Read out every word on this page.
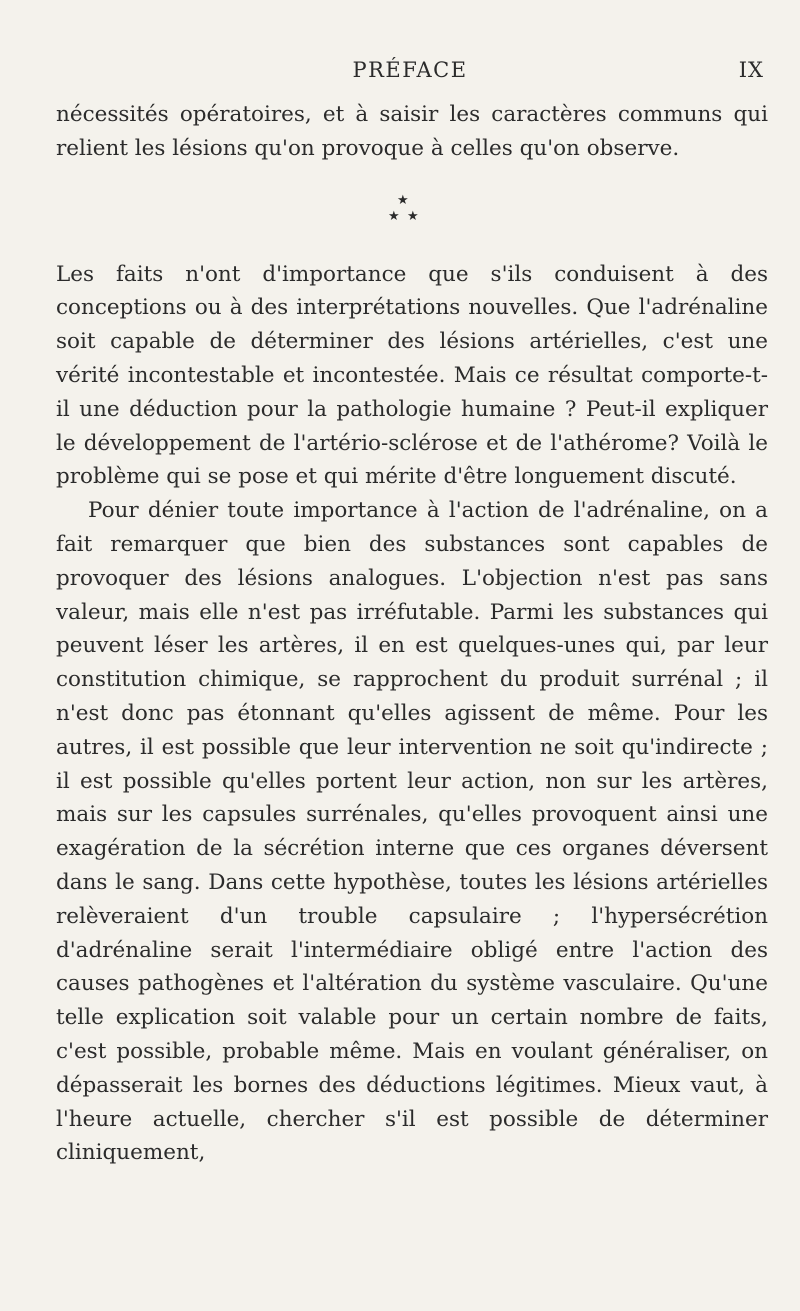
PRÉFACE	IX

nécessités opératoires, et à saisir les caractères communs qui relient les lésions qu'on provoque à celles qu'on observe.

★
★ ★

Les faits n'ont d'importance que s'ils conduisent à des conceptions ou à des interprétations nouvelles. Que l'adrénaline soit capable de déterminer des lésions artérielles, c'est une vérité incontestable et incontestée. Mais ce résultat comporte-t-il une déduction pour la pathologie humaine ? Peut-il expliquer le développement de l'artério-sclérose et de l'athérome? Voilà le problème qui se pose et qui mérite d'être longuement discuté.

Pour dénier toute importance à l'action de l'adrénaline, on a fait remarquer que bien des substances sont capables de provoquer des lésions analogues. L'objection n'est pas sans valeur, mais elle n'est pas irréfutable. Parmi les substances qui peuvent léser les artères, il en est quelques-unes qui, par leur constitution chimique, se rapprochent du produit surrénal ; il n'est donc pas étonnant qu'elles agissent de même. Pour les autres, il est possible que leur intervention ne soit qu'indirecte ; il est possible qu'elles portent leur action, non sur les artères, mais sur les capsules surrénales, qu'elles provoquent ainsi une exagération de la sécrétion interne que ces organes déversent dans le sang. Dans cette hypothèse, toutes les lésions artérielles relèveraient d'un trouble capsulaire ; l'hypersécrétion d'adrénaline serait l'intermédiaire obligé entre l'action des causes pathogènes et l'altération du système vasculaire. Qu'une telle explication soit valable pour un certain nombre de faits, c'est possible, probable même. Mais en voulant généraliser, on dépasserait les bornes des déductions légitimes. Mieux vaut, à l'heure actuelle, chercher s'il est possible de déterminer cliniquement,
